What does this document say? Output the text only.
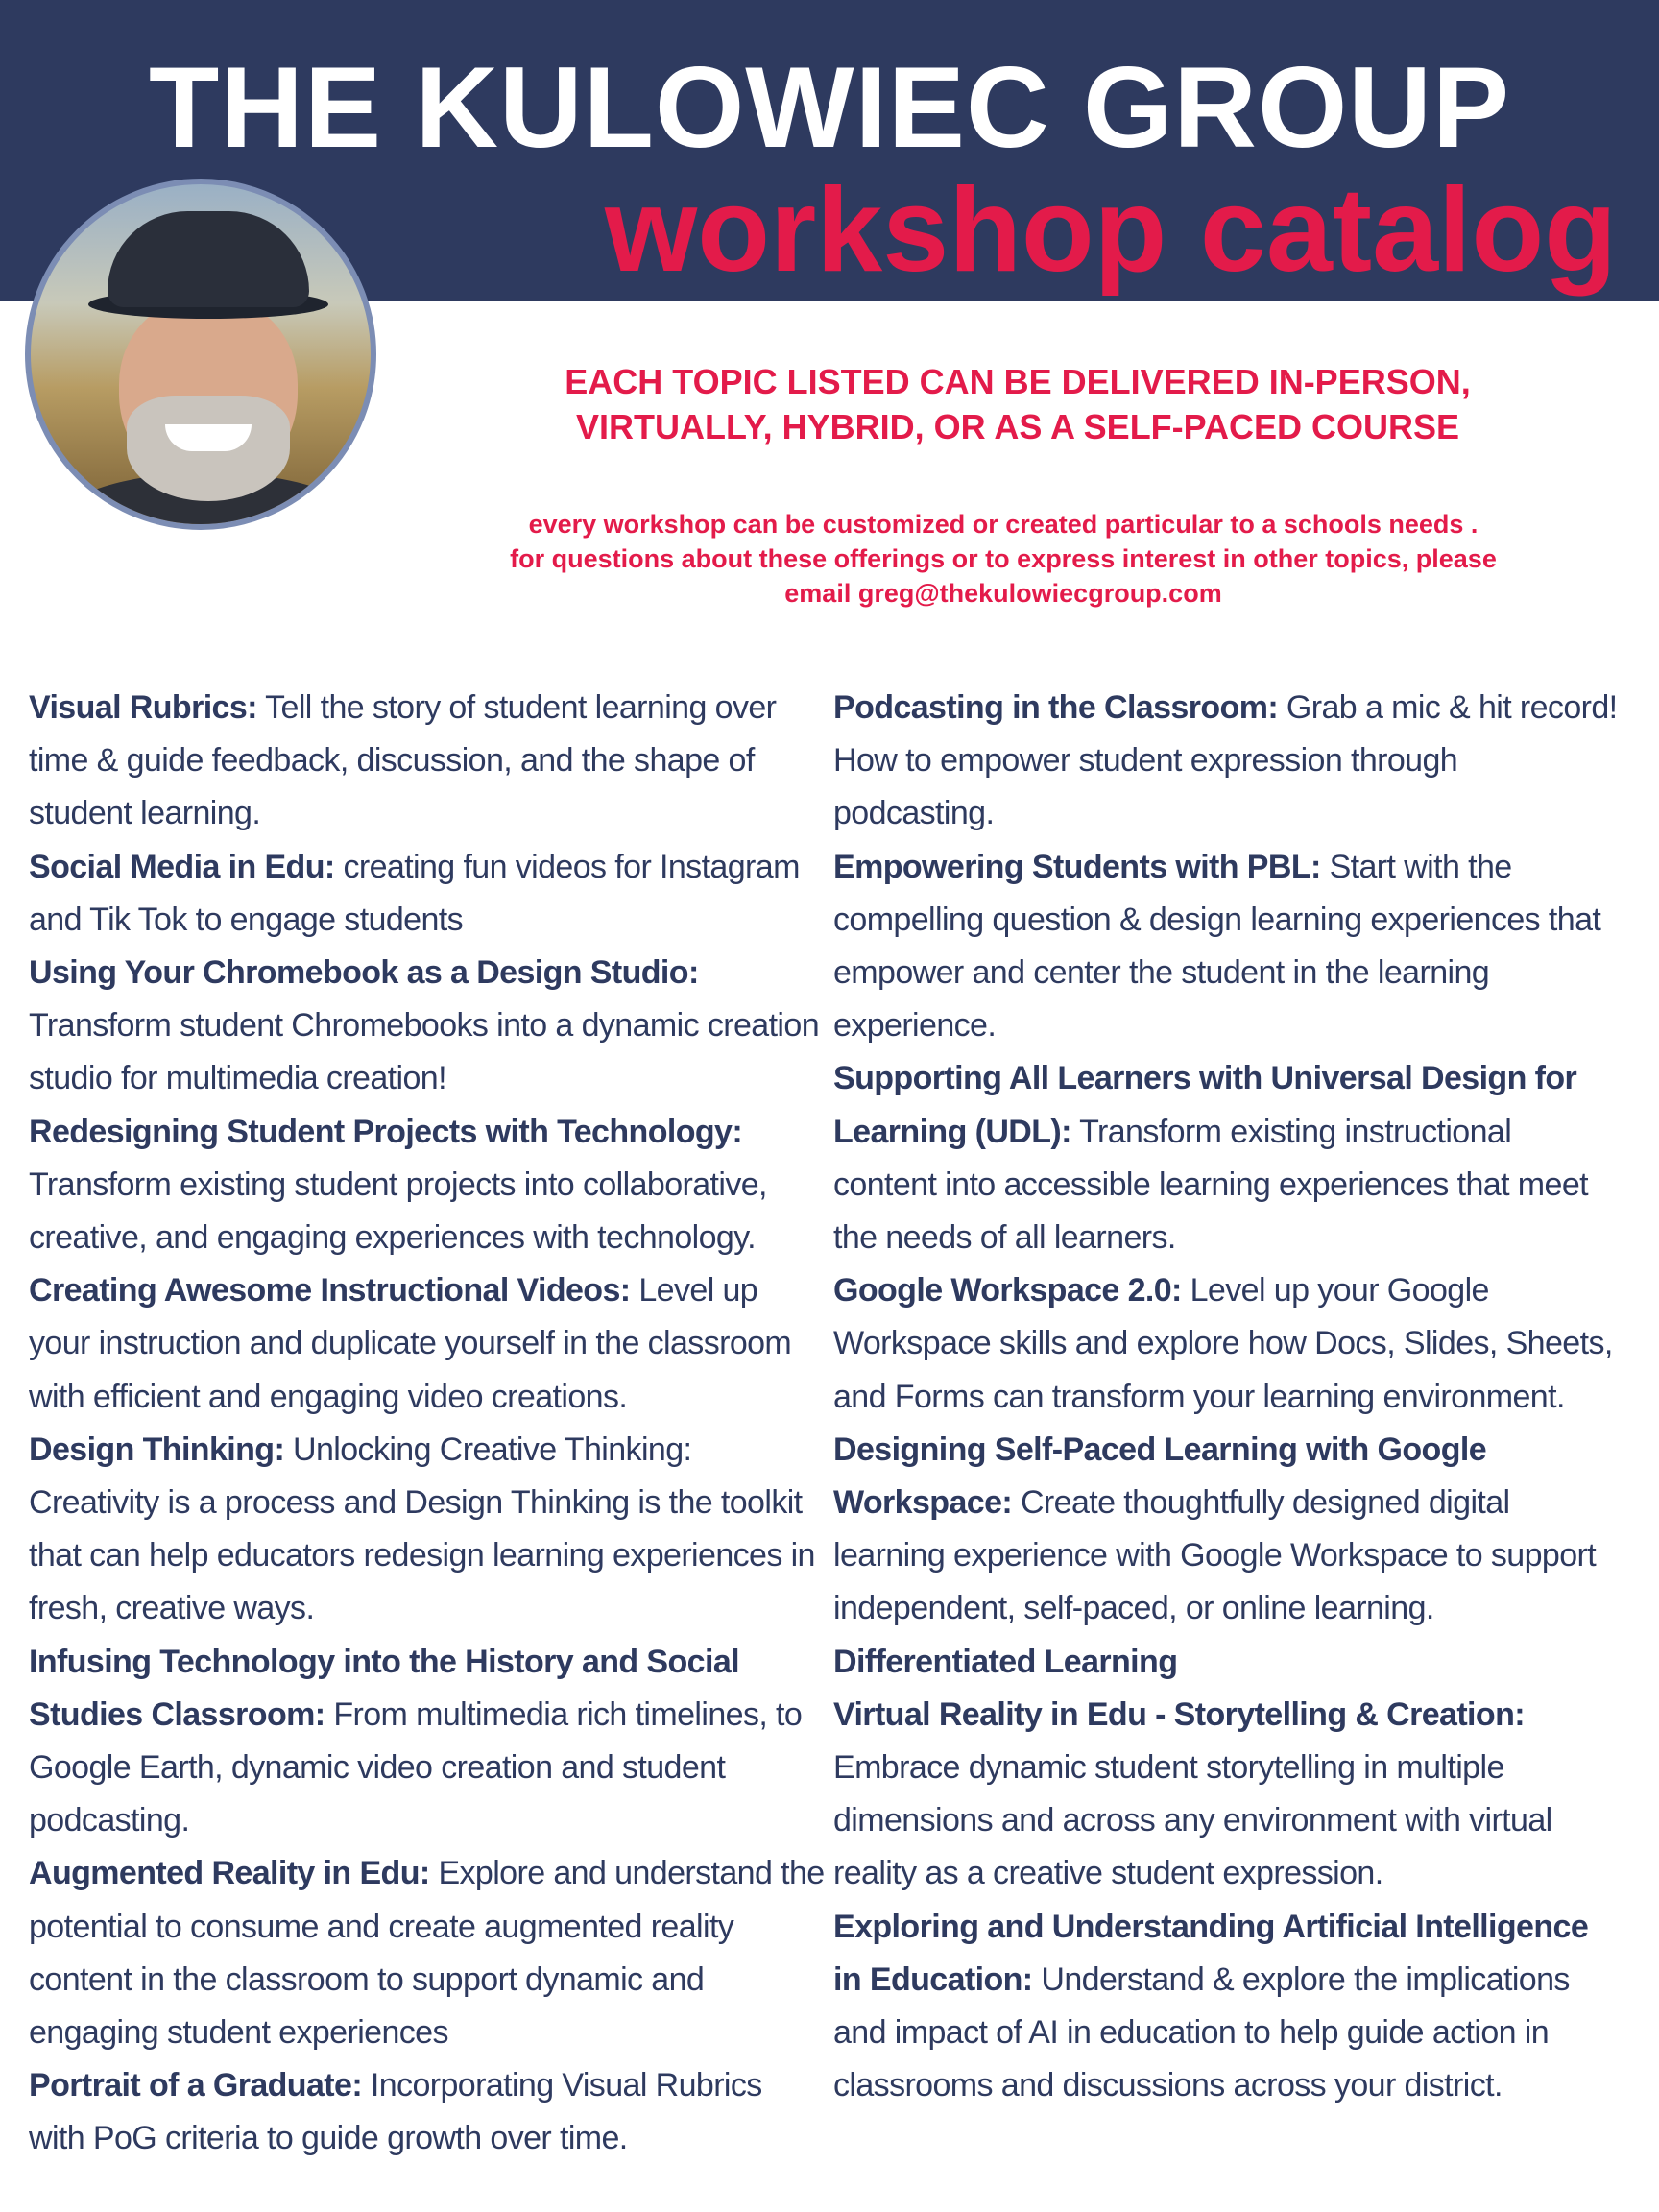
THE KULOWIEC GROUP
workshop catalog
EACH TOPIC LISTED CAN BE DELIVERED IN-PERSON,
VIRTUALLY, HYBRID, OR AS A SELF-PACED COURSE
every workshop can be customized or created particular to a schools needs .
for questions about these offerings or to express interest in other topics, please
email greg@thekulowiecgroup.com

Visual Rubrics: Tell the story of student learning over time & guide feedback, discussion, and the shape of student learning.

Social Media in Edu: creating fun videos for Instagram and Tik Tok to engage students

Using Your Chromebook as a Design Studio: Transform student Chromebooks into a dynamic creation studio for multimedia creation!

Redesigning Student Projects with Technology: Transform existing student projects into collaborative, creative, and engaging experiences with technology.

Creating Awesome Instructional Videos: Level up your instruction and duplicate yourself in the classroom with efficient and engaging video creations.

Design Thinking: Unlocking Creative Thinking: Creativity is a process and Design Thinking is the toolkit that can help educators redesign learning experiences in fresh, creative ways.

Infusing Technology into the History and Social Studies Classroom: From multimedia rich timelines, to Google Earth, dynamic video creation and student podcasting.

Augmented Reality in Edu: Explore and understand the potential to consume and create augmented reality content in the classroom to support dynamic and engaging student experiences

Portrait of a Graduate: Incorporating Visual Rubrics with PoG criteria to guide growth over time.

Podcasting in the Classroom: Grab a mic & hit record! How to empower student expression through podcasting.

Empowering Students with PBL: Start with the compelling question & design learning experiences that empower and center the student in the learning experience.

Supporting All Learners with Universal Design for Learning (UDL): Transform existing instructional content into accessible learning experiences that meet the needs of all learners.

Google Workspace 2.0: Level up your Google Workspace skills and explore how Docs, Slides, Sheets, and Forms can transform your learning environment.

Designing Self-Paced Learning with Google Workspace: Create thoughtfully designed digital learning experience with Google Workspace to support independent, self-paced, or online learning.

Differentiated Learning

Virtual Reality in Edu - Storytelling & Creation: Embrace dynamic student storytelling in multiple dimensions and across any environment with virtual reality as a creative student expression.

Exploring and Understanding Artificial Intelligence in Education: Understand & explore the implications and impact of AI in education to help guide action in classrooms and discussions across your district.
